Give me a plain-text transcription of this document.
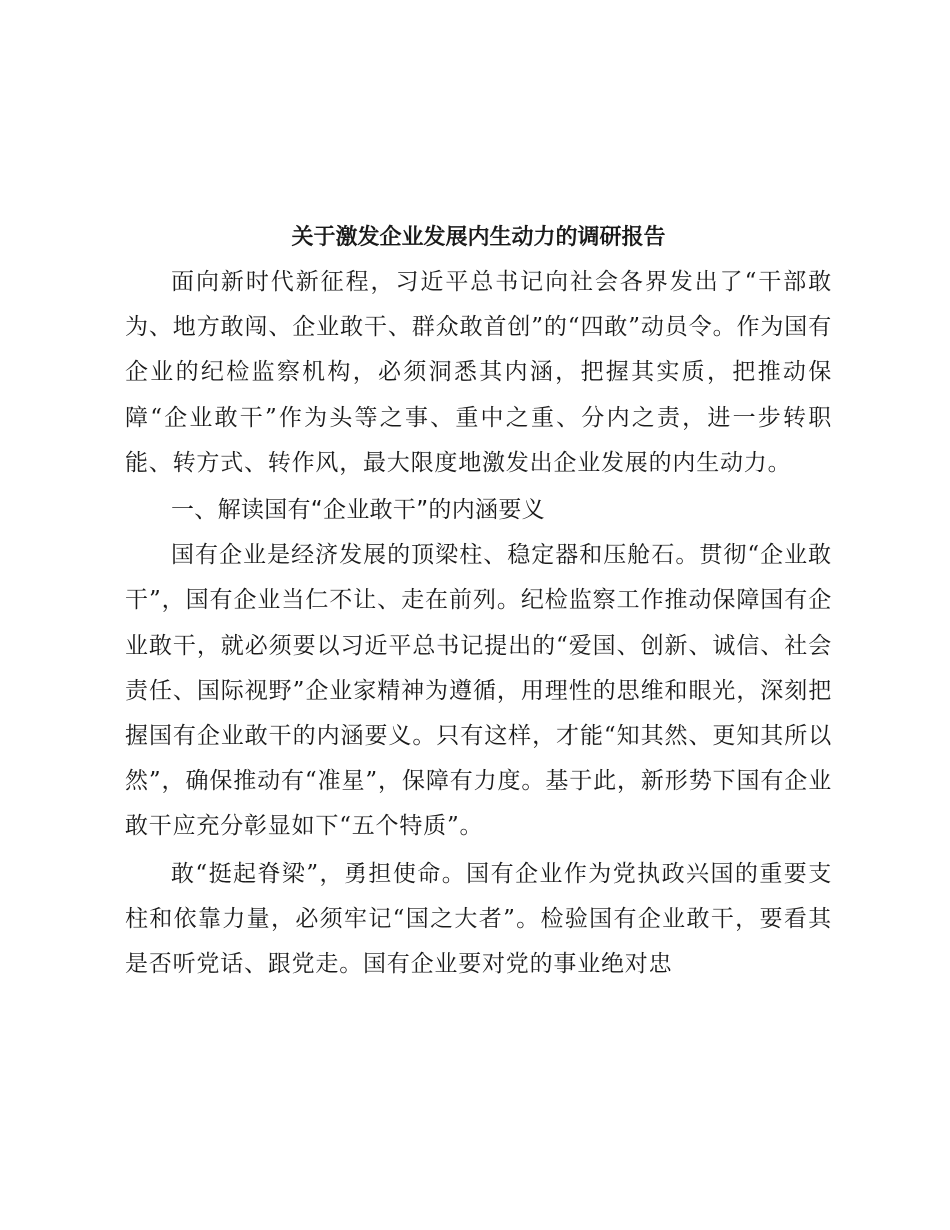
关于激发企业发展内生动力的调研报告

面向新时代新征程，习近平总书记向社会各界发出了“干部敢为、地方敢闯、企业敢干、群众敢首创”的“四敢”动员令。作为国有企业的纪检监察机构，必须洞悉其内涵，把握其实质，把推动保障“企业敢干”作为头等之事、重中之重、分内之责，进一步转职能、转方式、转作风，最大限度地激发出企业发展的内生动力。

一、解读国有“企业敢干”的内涵要义

国有企业是经济发展的顶梁柱、稳定器和压舱石。贯彻“企业敢干”，国有企业当仁不让、走在前列。纪检监察工作推动保障国有企业敢干，就必须要以习近平总书记提出的“爱国、创新、诚信、社会责任、国际视野”企业家精神为遵循，用理性的思维和眼光，深刻把握国有企业敢干的内涵要义。只有这样，才能“知其然、更知其所以然”，确保推动有“准星”，保障有力度。基于此，新形势下国有企业敢干应充分彰显如下“五个特质”。

敢“挺起脊梁”，勇担使命。国有企业作为党执政兴国的重要支柱和依靠力量，必须牢记“国之大者”。检验国有企业敢干，要看其是否听党话、跟党走。国有企业要对党的事业绝对忠
